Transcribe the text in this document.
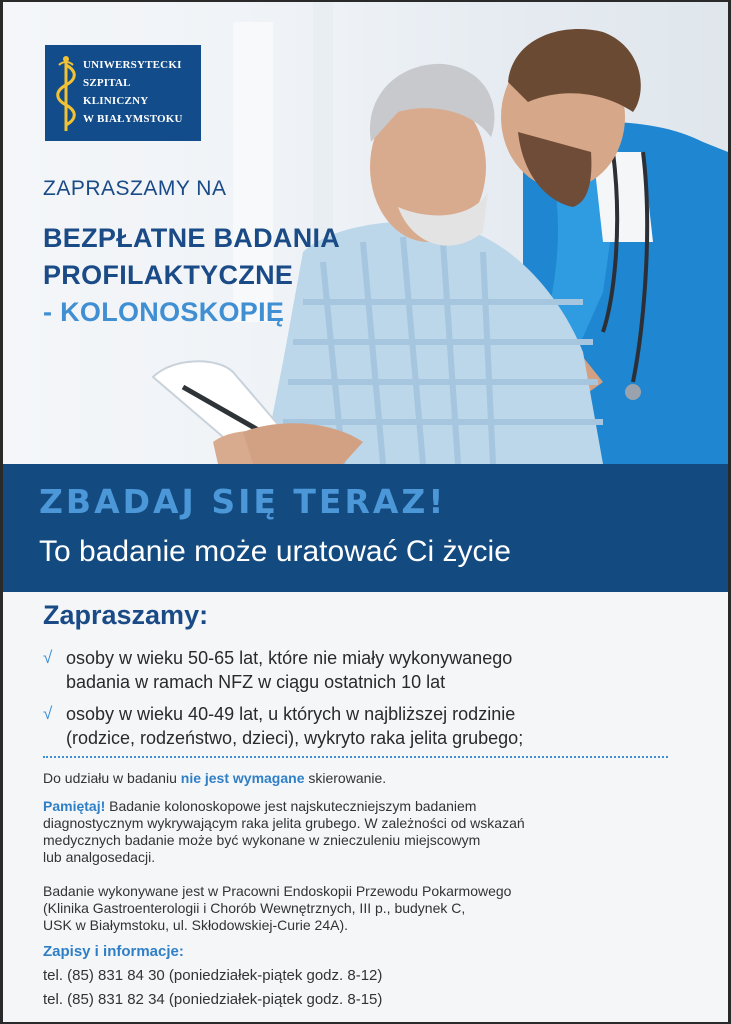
UNIWERSYTECKI
SZPITAL
KLINICZNY
W BIAŁYMSTOKU
ZAPRASZAMY NA
BEZPŁATNE BADANIA
PROFILAKTYCZNE
- KOLONOSKOPIĘ
ZBADAJ SIĘ TERAZ!
To badanie może uratować Ci życie
Zapraszamy:
√ osoby w wieku 50-65 lat, które nie miały wykonywanego
badania w ramach NFZ w ciągu ostatnich 10 lat
√ osoby w wieku 40-49 lat, u których w najbliższej rodzinie
(rodzice, rodzeństwo, dzieci), wykryto raka jelita grubego;
Do udziału w badaniu nie jest wymagane skierowanie.
Pamiętaj! Badanie kolonoskopowe jest najskuteczniejszym badaniem
diagnostycznym wykrywającym raka jelita grubego. W zależności od wskazań
medycznych badanie może być wykonane w znieczuleniu miejscowym
lub analgosedacji.
Badanie wykonywane jest w Pracowni Endoskopii Przewodu Pokarmowego
(Klinika Gastroenterologii i Chorób Wewnętrznych, III p., budynek C,
USK w Białymstoku, ul. Skłodowskiej-Curie 24A).
Zapisy i informacje:
tel. (85) 831 84 30 (poniedziałek-piątek godz. 8-12)
tel. (85) 831 82 34 (poniedziałek-piątek godz. 8-15)
